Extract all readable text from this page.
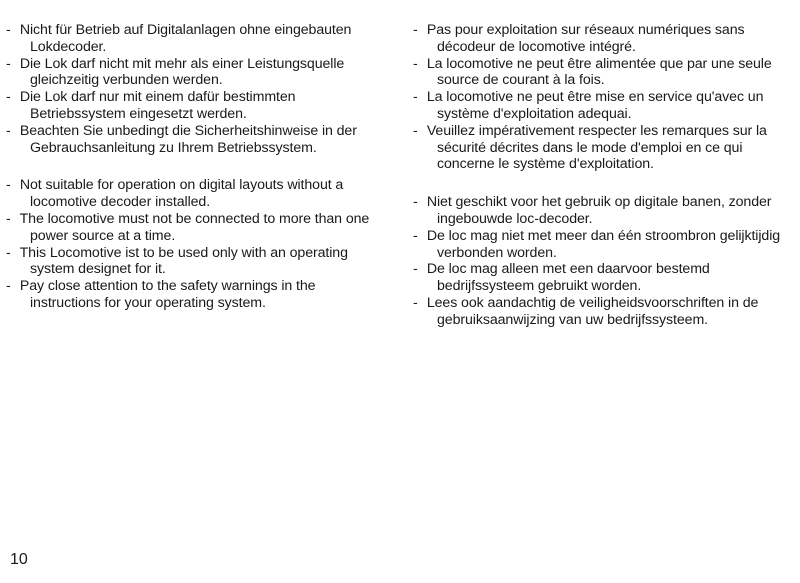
- Nicht für Betrieb auf Digitalanlagen ohne eingebauten Lokdecoder.
- Die Lok darf nicht mit mehr als einer Leistungsquelle gleichzeitig verbunden werden.
- Die Lok darf nur mit einem dafür bestimmten Betriebssystem eingesetzt werden.
- Beachten Sie unbedingt die Sicherheitshinweise in der Gebrauchsanleitung zu Ihrem Betriebssystem.
- Not suitable for operation on digital layouts without a locomotive decoder installed.
- The locomotive must not be connected to more than one power source at a time.
- This Locomotive ist to be used only with an operating system designet for it.
- Pay close attention to the safety warnings in the instructions for your operating system.
- Pas pour exploitation sur réseaux numériques sans décodeur de locomotive intégré.
- La locomotive ne peut être alimentée que par une seule source de courant à la fois.
- La locomotive ne peut être mise en service qu'avec un système d'exploitation adequai.
- Veuillez impérativement respecter les remarques sur la sécurité décrites dans le mode d'emploi en ce qui concerne le système d'exploitation.
- Niet geschikt voor het gebruik op digitale banen, zonder ingebouwde loc-decoder.
- De loc mag niet met meer dan één stroombron gelijktijdig verbonden worden.
- De loc mag alleen met een daarvoor bestemd bedrijfssysteem gebruikt worden.
- Lees ook aandachtig de veiligheidsvoorschriften in de gebruiksaanwijzing van uw bedrijfssysteem.
10
